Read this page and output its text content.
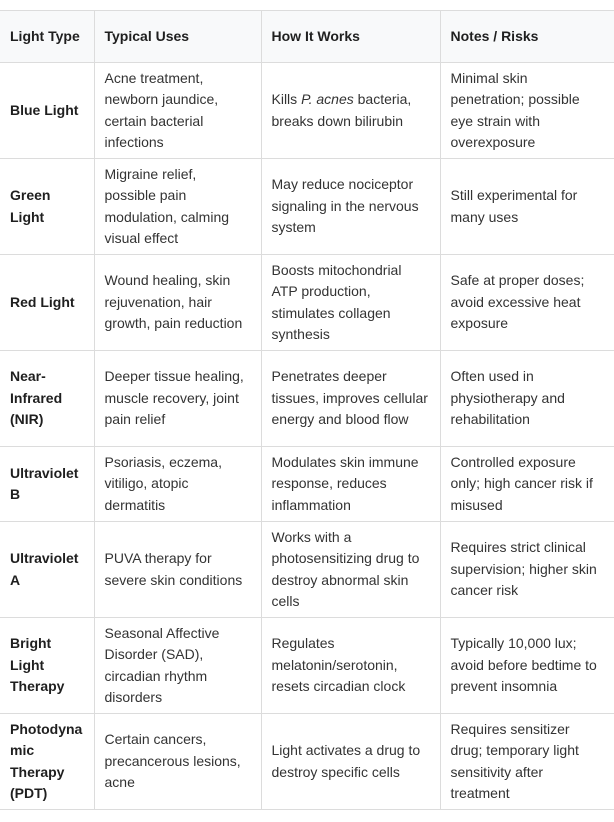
Light Type	Typical Uses	How It Works	Notes / Risks
Blue Light	Acne treatment, newborn jaundice, certain bacterial infections	Kills P. acnes bacteria, breaks down bilirubin	Minimal skin penetration; possible eye strain with overexposure
Green Light	Migraine relief, possible pain modulation, calming visual effect	May reduce nociceptor signaling in the nervous system	Still experimental for many uses
Red Light	Wound healing, skin rejuvenation, hair growth, pain reduction	Boosts mitochondrial ATP production, stimulates collagen synthesis	Safe at proper doses; avoid excessive heat exposure
Near-Infrared (NIR)	Deeper tissue healing, muscle recovery, joint pain relief	Penetrates deeper tissues, improves cellular energy and blood flow	Often used in physiotherapy and rehabilitation
Ultraviolet B	Psoriasis, eczema, vitiligo, atopic dermatitis	Modulates skin immune response, reduces inflammation	Controlled exposure only; high cancer risk if misused
Ultraviolet A	PUVA therapy for severe skin conditions	Works with a photosensitizing drug to destroy abnormal skin cells	Requires strict clinical supervision; higher skin cancer risk
Bright Light Therapy	Seasonal Affective Disorder (SAD), circadian rhythm disorders	Regulates melatonin/serotonin, resets circadian clock	Typically 10,000 lux; avoid before bedtime to prevent insomnia
Photodynamic Therapy (PDT)	Certain cancers, precancerous lesions, acne	Light activates a drug to destroy specific cells	Requires sensitizer drug; temporary light sensitivity after treatment
